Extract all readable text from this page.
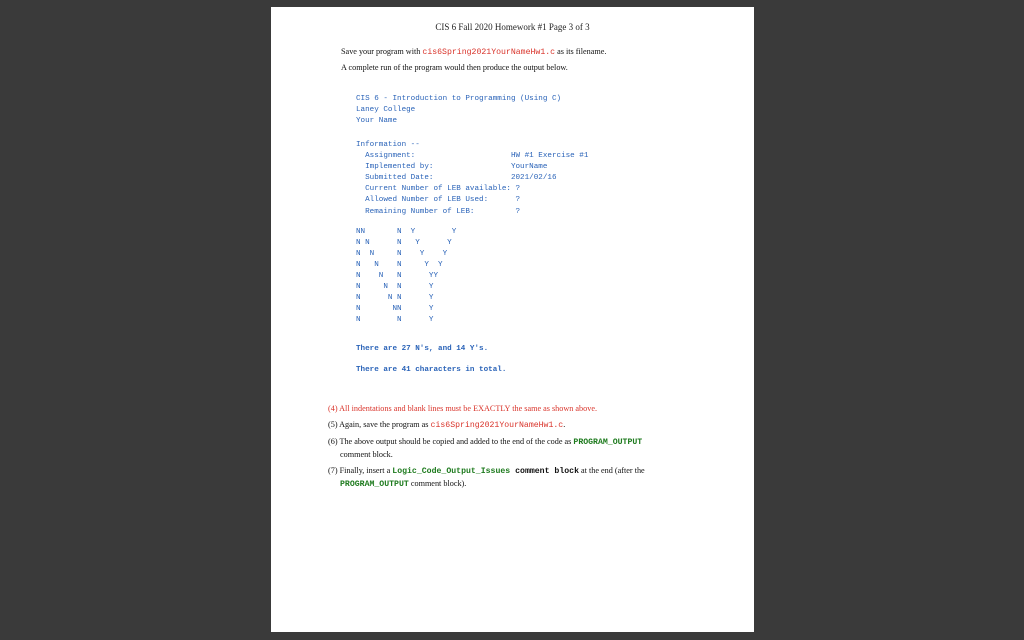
CIS 6 Fall 2020 Homework #1 Page 3 of 3
Save your program with cis6Spring2021YourNameHw1.c as its filename.
A complete run of the program would then produce the output below.
CIS 6 - Introduction to Programming (Using C)
Laney College
Your Name
Information --
Assignment:                     HW #1 Exercise #1
Implemented by:                 YourName
Submitted Date:                 2021/02/16
Current Number of LEB available: ?
Allowed Number of LEB Used:      ?
Remaining Number of LEB:         ?
NN       N  Y        Y
N N      N   Y      Y
N  N     N    Y    Y
N   N    N     Y  Y
N    N   N      YY
N     N  N      Y
N      N N      Y
N       NN      Y
N        N      Y
There are 27 N's, and 14 Y's.
There are 41 characters in total.
(4) All indentations and blank lines must be EXACTLY the same as shown above.
(5) Again, save the program as cis6Spring2021YourNameHw1.c.
(6) The above output should be copied and added to the end of the code as PROGRAM_OUTPUT
comment block.
(7) Finally, insert a Logic_Code_Output_Issues comment block at the end (after the
PROGRAM_OUTPUT comment block).
